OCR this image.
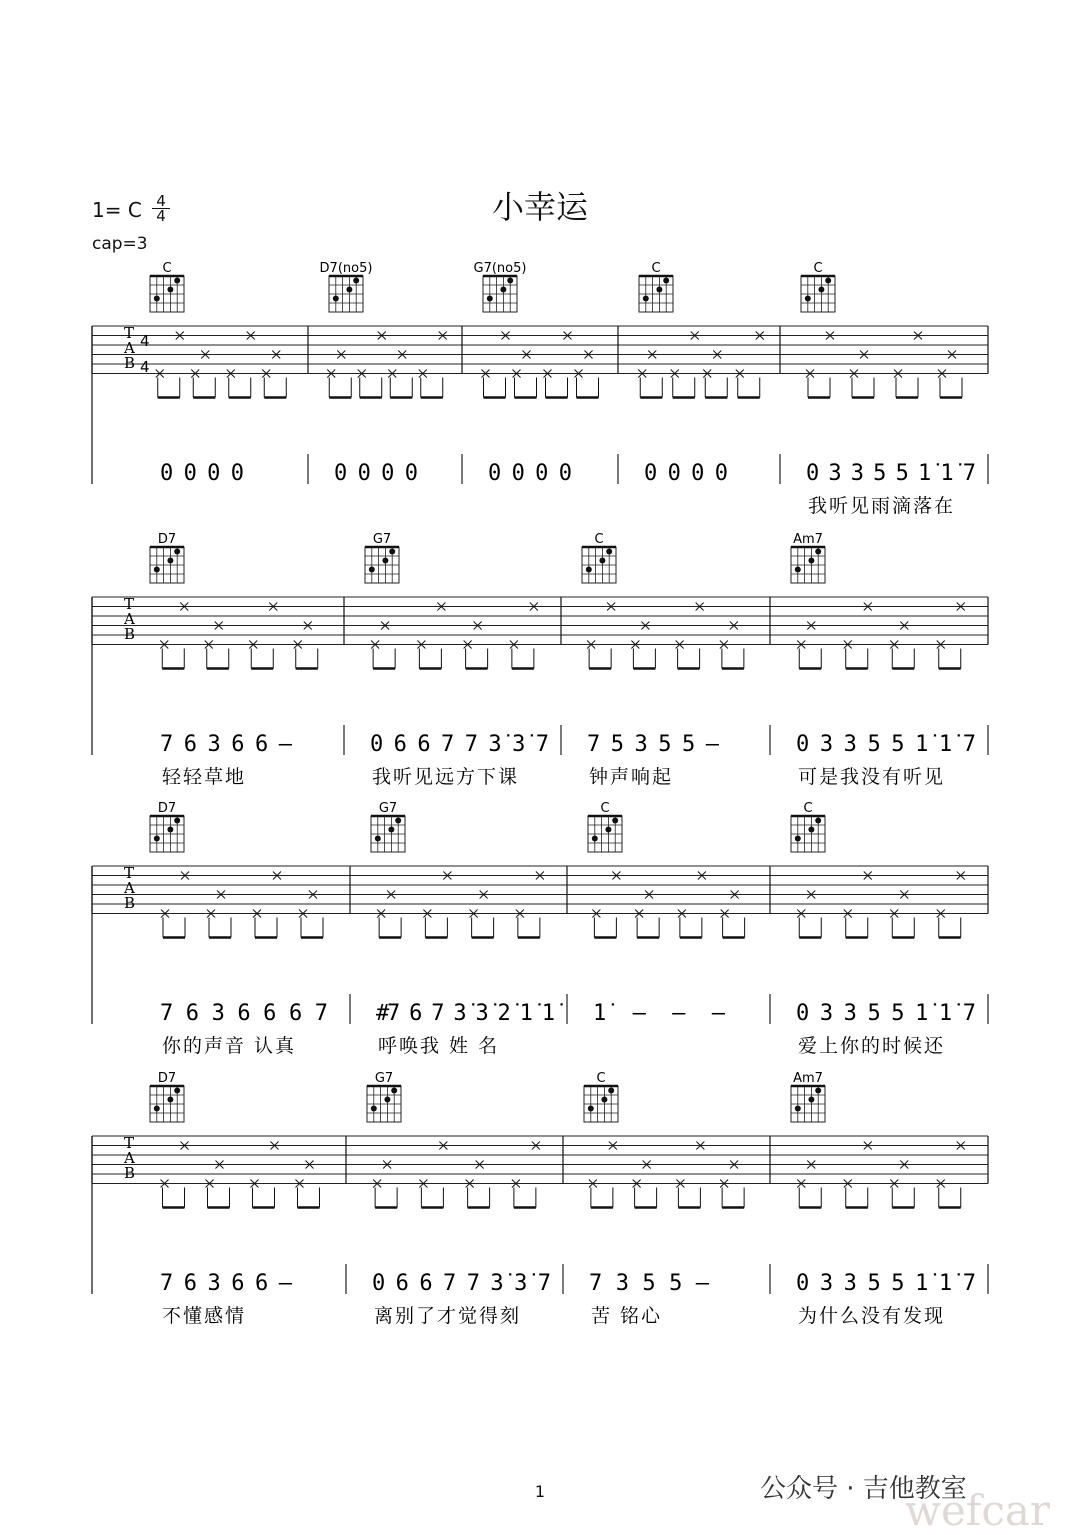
小幸运
1= C 4
4
cap=3
T
A
B
4
4
C
0 0 0 0
D7(no5)
0 0 0 0
G7(no5)
0 0 0 0
C
0 0 0 0
C
0 3 3 5 5 1̇ 1̇ 7
我听见雨滴落在
T
A
B
D7
7 6 3 6 6 –
轻轻草地
G7
0 6 6 7 7 3̇ 3̇ 7
我听见远方下课
C
7 5 3 5 5 –
钟声响起
Am7
0 3 3 5 5 1̇ 1̇ 7
可是我没有听见
T
A
B
D7
7 6 3 6 6 6 7
你的声音 认真
G7
#7 6 7 3̇ 3̇ 2̇ 1̇ 1̇
呼唤我 姓 名
C
1̇ – – –
C
0 3 3 5 5 1̇ 1̇ 7
爱上你的时候还
T
A
B
D7
7 6 3 6 6 –
不懂感情
G7
0 6 6 7 7 3̇ 3̇ 7
离别了才觉得刻
C
7 3 5 5 –
苦 铭心
Am7
0 3 3 5 5 1̇ 1̇ 7
为什么没有发现
1	公众号 · 吉他教室
wefcar
